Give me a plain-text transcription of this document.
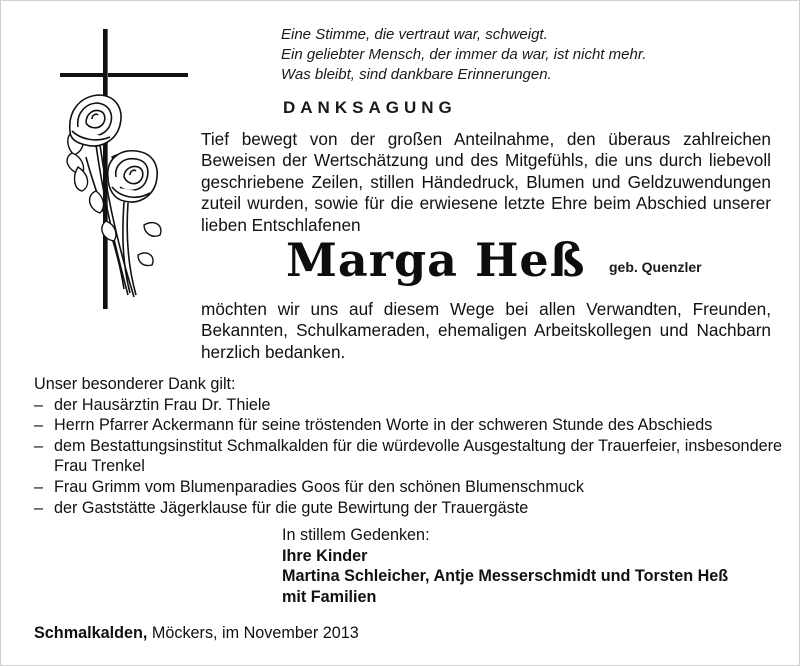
Eine Stimme, die vertraut war, schweigt.
Ein geliebter Mensch, der immer da war, ist nicht mehr.
Was bleibt, sind dankbare Erinnerungen.
DANKSAGUNG
Tief bewegt von der großen Anteilnahme, den überaus zahlreichen Beweisen der Wertschätzung und des Mitgefühls, die uns durch liebevoll geschriebene Zeilen, stillen Händedruck, Blumen und Geldzuwendungen zuteil wurden, sowie für die erwiesene letzte Ehre beim Abschied unserer lieben Entschlafenen
Marga Heß geb. Quenzler
möchten wir uns auf diesem Wege bei allen Verwandten, Freunden, Bekannten, Schulkameraden, ehemaligen Arbeitskollegen und Nachbarn herzlich bedanken.
Unser besonderer Dank gilt:
– der Hausärztin Frau Dr. Thiele
– Herrn Pfarrer Ackermann für seine tröstenden Worte in der schweren Stunde des Abschieds
– dem Bestattungsinstitut Schmalkalden für die würdevolle Ausgestaltung der Trauerfeier, insbesondere Frau Trenkel
– Frau Grimm vom Blumenparadies Goos für den schönen Blumenschmuck
– der Gaststätte Jägerklause für die gute Bewirtung der Trauergäste
In stillem Gedenken:
Ihre Kinder
Martina Schleicher, Antje Messerschmidt und Torsten Heß
mit Familien
Schmalkalden, Möckers, im November 2013
